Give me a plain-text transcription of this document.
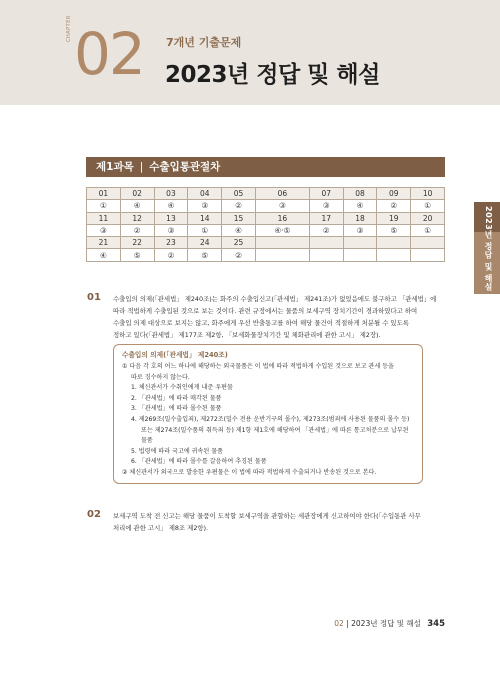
CHAPTER 02 7개년 기출문제
2023년 정답 및 해설
2023년 정답 및 해설
제1과목 | 수출입통관절차
01	02	03	04	05	06	07	08	09	10
①	④	④	③	②	③	③	④	②	①
11	12	13	14	15	16	17	18	19	20
③	②	③	①	④	④·⑤	②	③	⑤	①
21	22	23	24	25					
④	⑤	②	⑤	②					
01 수출입의 의제(「관세법」 제240조)는 화주의 수출입신고(「관세법」 제241조)가 없었음에도 불구하고 「관세법」에
따라 적법하게 수출입된 것으로 보는 것이다. 관련 규정에서는 물품의 보세구역 장치기간이 경과하였다고 하여
수출입 의제 대상으로 보지는 않고, 화주에게 우선 반출통고를 하여 해당 물건이 적절하게 처분될 수 있도록
정하고 있다(「관세법」 제177조 제2항, 「보세화물장치기간 및 체화관리에 관한 고시」 제2장).
수출입의 의제(「관세법」 제240조)
① 다음 각 호의 어느 하나에 해당하는 외국물품은 이 법에 따라 적법하게 수입된 것으로 보고 관세 등을
따로 징수하지 않는다.
1. 체신관서가 수취인에게 내준 우편물
2. 「관세법」에 따라 매각된 물품
3. 「관세법」에 따라 몰수된 물품
4. 제269조(밀수출입죄), 제272조(밀수 전용 운반기구의 몰수), 제273조(범죄에 사용된 물품의 몰수 등)
또는 제274조(밀수품의 취득죄 등) 제1항 제1호에 해당하여 「관세법」에 따른 통고처분으로 납부된
물품
5. 법령에 따라 국고에 귀속된 물품
6. 「관세법」에 따라 몰수를 갈음하여 추징된 물품
② 체신관서가 외국으로 발송한 우편물은 이 법에 따라 적법하게 수출되거나 반송된 것으로 본다.
02 보세구역 도착 전 신고는 해당 물품이 도착할 보세구역을 관할하는 세관장에게 신고하여야 한다(「수입통관 사무
처리에 관한 고시」 제8조 제2항).
02 | 2023년 정답 및 해설 345
